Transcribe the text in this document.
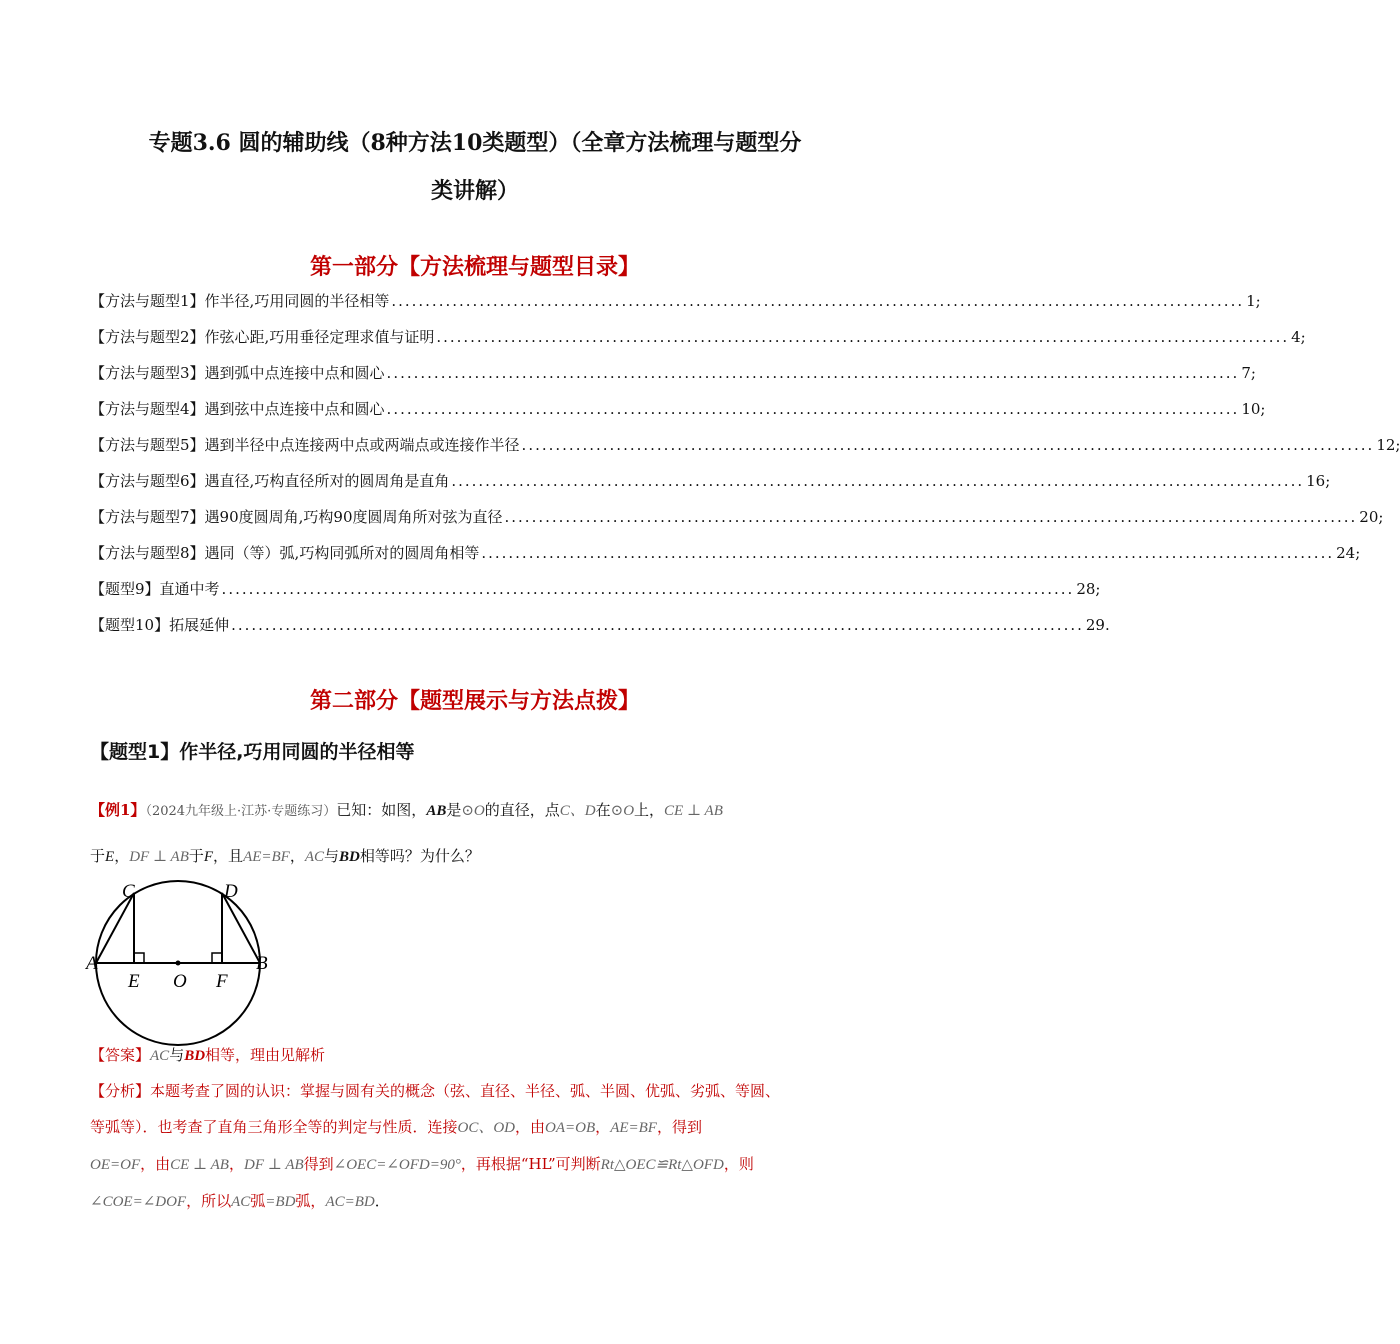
专题3.6 圆的辅助线（8种方法10类题型）（全章方法梳理与题型分
类讲解）
第一部分【方法梳理与题型目录】
【方法与题型1】作半径,巧用同圆的半径相等 .............................................................................................................................. 1;
【方法与题型2】作弦心距,巧用垂径定理求值与证明 .............................................................................................................................. 4;
【方法与题型3】遇到弧中点连接中点和圆心 .............................................................................................................................. 7;
【方法与题型4】遇到弦中点连接中点和圆心 .............................................................................................................................. 10;
【方法与题型5】遇到半径中点连接两中点或两端点或连接作半径 .............................................................................................................................. 12;
【方法与题型6】遇直径,巧构直径所对的圆周角是直角 .............................................................................................................................. 16;
【方法与题型7】遇90度圆周角,巧构90度圆周角所对弦为直径 .............................................................................................................................. 20;
【方法与题型8】遇同（等）弧,巧构同弧所对的圆周角相等 .............................................................................................................................. 24;
【题型9】直通中考 .............................................................................................................................. 28;
【题型10】拓展延伸 .............................................................................................................................. 29.
第二部分【题型展示与方法点拨】
【题型1】作半径,巧用同圆的半径相等
【例1】（2024九年级上·江苏·专题练习）已知：如图，AB是⊙O的直径，点C、D在⊙O上，CE ⊥ AB
于E，DF ⊥ AB于F，且AE=BF，AC与BD相等吗？为什么？
A	B
C	D
E O F
【答案】AC与BD相等，理由见解析
【分析】本题考查了圆的认识：掌握与圆有关的概念（弦、直径、半径、弧、半圆、优弧、劣弧、等圆、
等弧等）．也考查了直角三角形全等的判定与性质．连接OC、OD，由OA=OB，AE=BF，得到
OE=OF，由CE ⊥ AB，DF ⊥ AB得到∠OEC=∠OFD=90°，再根据“HL”可判断Rt△OEC≌Rt△OFD，则
∠COE=∠DOF，所以AC弧=BD弧，AC=BD．
